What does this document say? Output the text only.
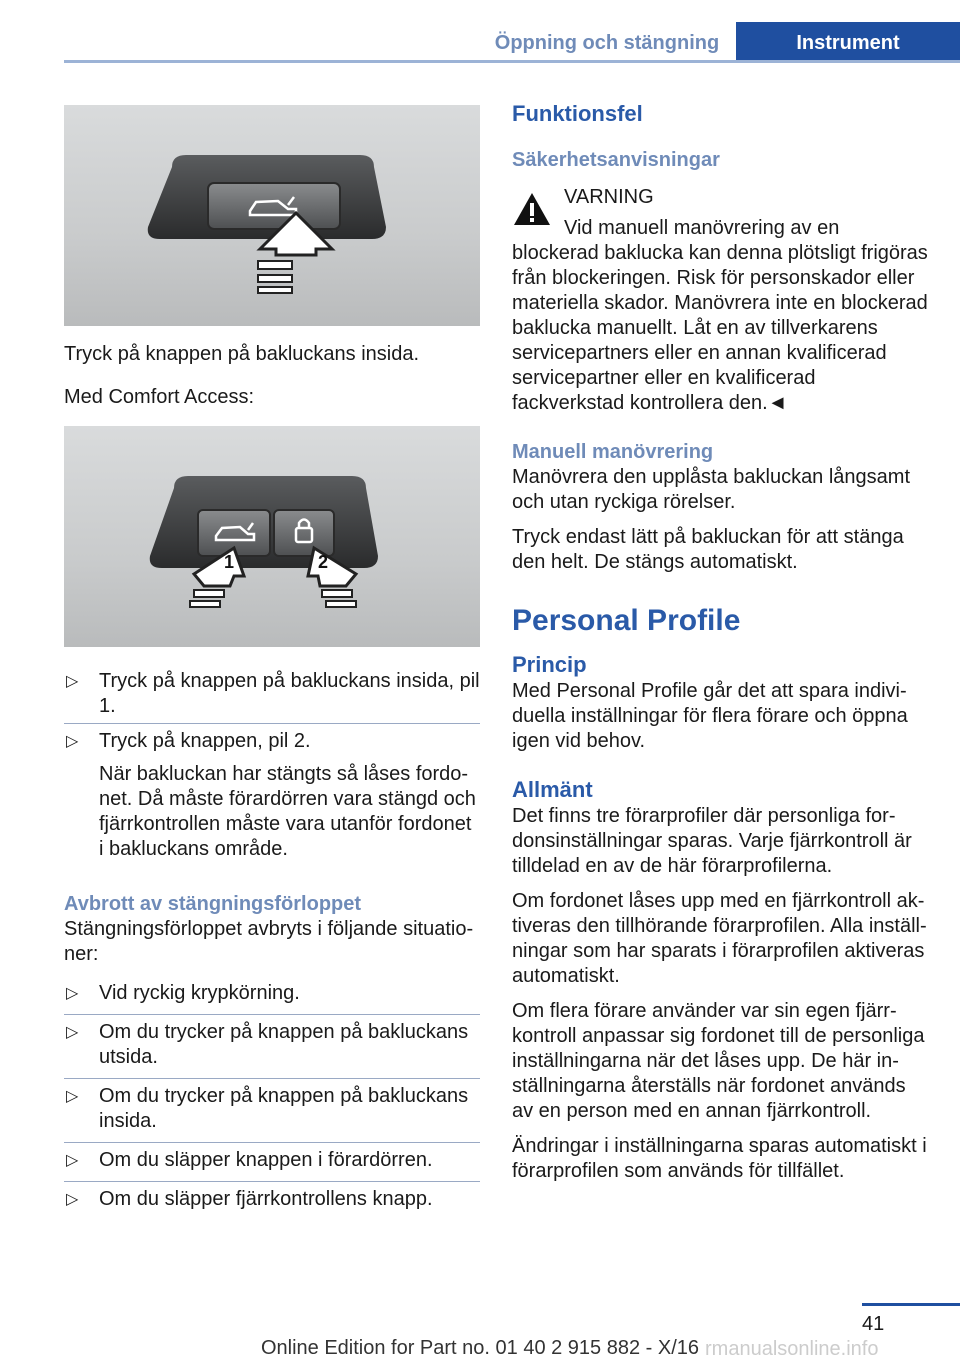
Öppning och stängning	Instrument

Tryck på knappen på bakluckans insida.

Med Comfort Access:

1	2
▷ Tryck på knappen på bakluckans insida, pil 1.
▷ Tryck på knappen, pil 2.
När bakluckan har stängts så låses fordonet. Då måste förardörren vara stängd och fjärrkontrollen måste vara utanför fordonet i bakluckans område.
Avbrott av stängningsförloppet

Stängningsförloppet avbryts i följande situationer:

▷ Vid ryckig krypkörning.
▷ Om du trycker på knappen på bakluckans utsida.
▷ Om du trycker på knappen på bakluckans insida.
▷ Om du släpper knappen i förardörren.
▷ Om du släpper fjärrkontrollens knapp.
Funktionsfel
Säkerhetsanvisningar

VARNING

Vid manuell manövrering av en blockerad baklucka kan denna plötsligt frigöras från blockeringen. Risk för personskador eller materiella skador. Manövrera inte en blockerad baklucka manuellt. Låt en av tillverkarens servicepartners eller en annan kvalificerad servicepartner eller en kvalificerad fackverkstad kontrollera den.◄

Manuell manövrering

Manövrera den upplåsta bakluckan långsamt och utan ryckiga rörelser.

Tryck endast lätt på bakluckan för att stänga den helt. De stängs automatiskt.

Personal Profile
Princip

Med Personal Profile går det att spara individuella inställningar för flera förare och öppna igen vid behov.

Allmänt

Det finns tre förarprofiler där personliga fordonsinställningar sparas. Varje fjärrkontroll är tilldelad en av de här förarprofilerna.

Om fordonet låses upp med en fjärrkontroll aktiveras den tillhörande förarprofilen. Alla inställningar som har sparats i förarprofilen aktiveras automatiskt.

Om flera förare använder var sin egen fjärrkontroll anpassar sig fordonet till de personliga inställningarna när det låses upp. De här inställningarna återställs när fordonet används av en person med en annan fjärrkontroll.

Ändringar i inställningarna sparas automatiskt i förarprofilen som används för tillfället.

41
Online Edition for Part no. 01 40 2 915 882 - X/16 rmanualsonline.info
